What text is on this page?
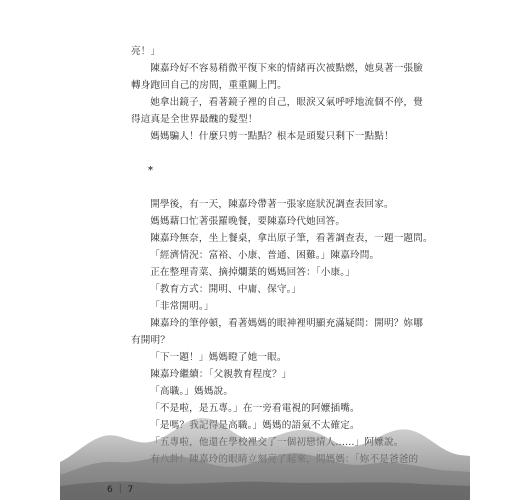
亮！」

陳嘉玲好不容易稍微平復下來的情緒再次被點燃，她臭著一張臉

轉身跑回自己的房間，重重關上門。

她拿出鏡子，看著鏡子裡的自己，眼淚又氣呼呼地流個不停，覺

得這真是全世界最醜的髮型！

媽媽騙人！什麼只剪一點點？根本是頭髮只剩下一點點！

*

開學後，有一天，陳嘉玲帶著一張家庭狀況調查表回家。

媽媽藉口忙著張羅晚餐，要陳嘉玲代她回答。

陳嘉玲無奈，坐上餐桌，拿出原子筆，看著調查表，一題一題問。

「經濟情況：富裕、小康、普通、困難。」陳嘉玲問。

正在整理青菜、摘掉爛葉的媽媽回答：「小康。」

「教育方式：開明、中庸、保守。」

「非常開明。」

陳嘉玲的筆停頓，看著媽媽的眼神裡明顯充滿疑問：開明？妳哪

有開明？

「下一題！」媽媽瞪了她一眼。

陳嘉玲繼續：「父親教育程度？」

「高職。」媽媽說。

「不是啦，是五專。」在一旁看電視的阿嬤插嘴。

「是嗎？我記得是高職。」媽媽的語氣不太確定。

6 ｜ 7
